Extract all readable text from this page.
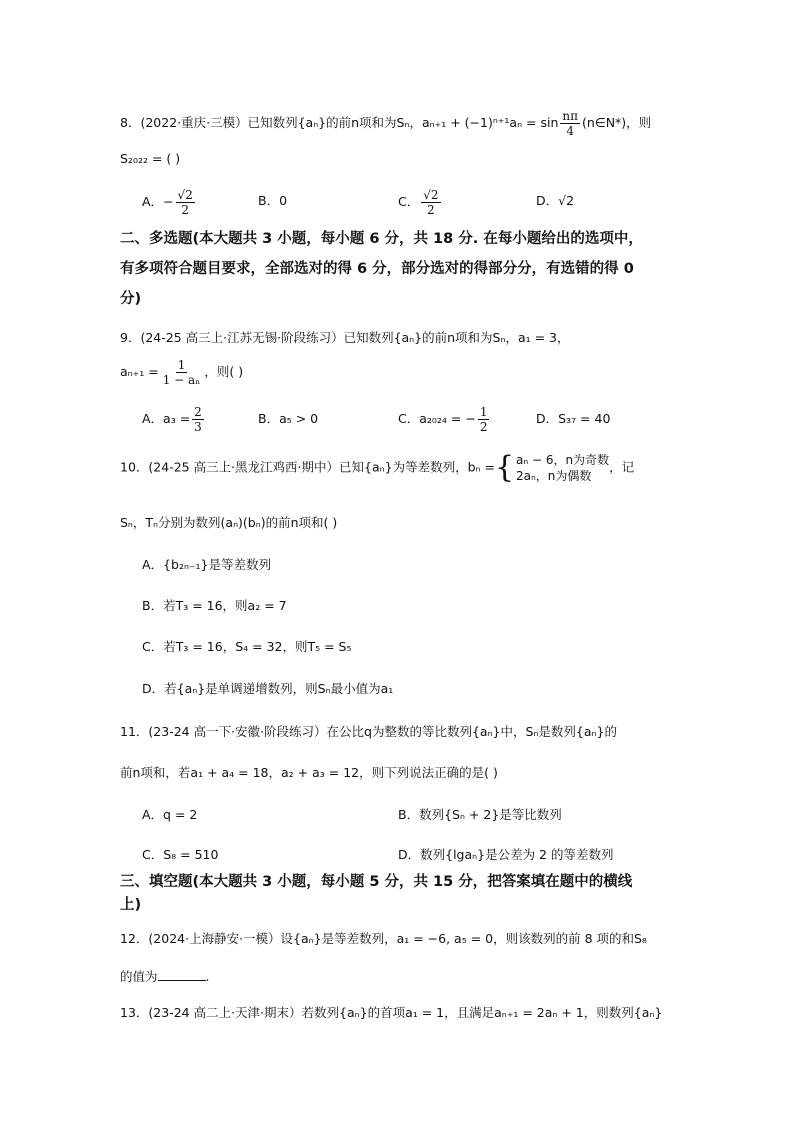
8．(2022·重庆·三模）已知数列{aₙ}的前n项和为Sₙ，$a_{n+1} + (-1)^{n+1}a_n = \sin \frac{n\pi}{4}$ (n∈N*)，则
S₂₀₂₂ = ( )
A．− $\frac{√2}{2}$	B．0	C． $\frac{√2}{2}$	D．√2
二、多选题(本大题共 3 小题，每小题 6 分，共 18 分. 在每小题给出的选项中，
有多项符合题目要求，全部选对的得 6 分，部分选对的得部分分，有选错的得 0
分)
9．(24-25 高三上·江苏无锡·阶段练习）已知数列{aₙ}的前n项和为Sₙ，a₁ = 3，
$a_{n+1} = \frac{1}{\text{1 − aₙ}}$ ，则( )
A．$a_3 = \frac{2}{3}$	B．a₅ > 0	C．a₂₀₂₄ = − $\frac{1}{2}$	D．S₃₇ = 40
10．(24-25 高三上·黑龙江鸡西·期中）已知{aₙ}为等差数列，bₙ = { aₙ − 6，n为奇数
2aₙ，n为偶数
，记
Sₙ，Tₙ分别为数列(aₙ)(bₙ)的前n项和( )
A．{b₂ₙ₋₁}是等差数列
B．若T₃ = 16，则a₂ = 7
C．若T₃ = 16，S₄ = 32，则T₅ = S₅
D．若{aₙ}是单调递增数列，则Sₙ最小值为a₁
11．(23-24 高一下·安徽·阶段练习）在公比q为整数的等比数列{aₙ}中，Sₙ是数列{aₙ}的
前n项和，若a₁ + a₄ = 18，a₂ + a₃ = 12，则下列说法正确的是( )
A．q = 2	B．数列{Sₙ + 2}是等比数列
C．S₈ = 510	D．数列{lgaₙ}是公差为 2 的等差数列
三、填空题(本大题共 3 小题，每小题 5 分，共 15 分，把答案填在题中的横线
上)
12．(2024·上海静安·一模）设{aₙ}是等差数列，a₁ = −6, a₅ = 0，则该数列的前 8 项的和S₈
的值为	.
13．(23-24 高二上·天津·期末）若数列{aₙ}的首项a₁ = 1，且满足aₙ₊₁ = 2aₙ + 1，则数列{aₙ}
